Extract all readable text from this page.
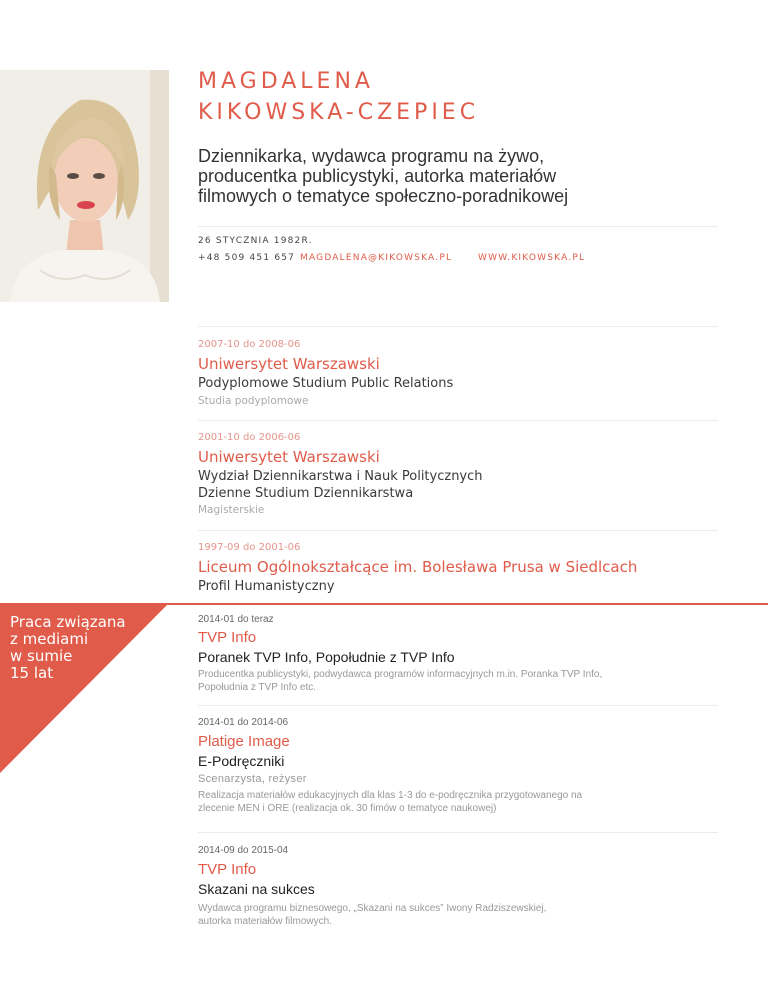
MAGDALENA
KIKOWSKA-CZEPIEC
Dziennikarka, wydawca programu na żywo,
producentka publicystyki, autorka materiałów
filmowych o tematyce społeczno-poradnikowej
26 STYCZNIA 1982R.
+48 509 451 657 MAGDALENA@KIKOWSKA.PL	WWW.KIKOWSKA.PL
2007-10 do 2008-06
Uniwersytet Warszawski
Podyplomowe Studium Public Relations
Studia podyplomowe
2001-10 do 2006-06
Uniwersytet Warszawski
Wydział Dziennikarstwa i Nauk Politycznych
Dzienne Studium Dziennikarstwa
Magisterskie
1997-09 do 2001-06
Liceum Ogólnokształcące im. Bolesława Prusa w Siedlcach
Profil Humanistyczny
Praca związana
z mediami
w sumie
15 lat
2014-01 do teraz
TVP Info
Poranek TVP Info, Popołudnie z TVP Info
Producentka publicystyki, podwydawca programów informacyjnych m.in. Poranka TVP Info,
Popołudnia z TVP Info etc.
2014-01 do 2014-06
Platige Image
E-Podręczniki
Scenarzysta, reżyser
Realizacja materiałów edukacyjnych dla klas 1-3 do e-podręcznika przygotowanego na
zlecenie MEN i ORE (realizacja ok. 30 fimów o tematyce naukowej)
2014-09 do 2015-04
TVP Info
Skazani na sukces
Wydawca programu biznesowego, „Skazani na sukces” Iwony Radziszewskiej,
autorka materiałów filmowych.
